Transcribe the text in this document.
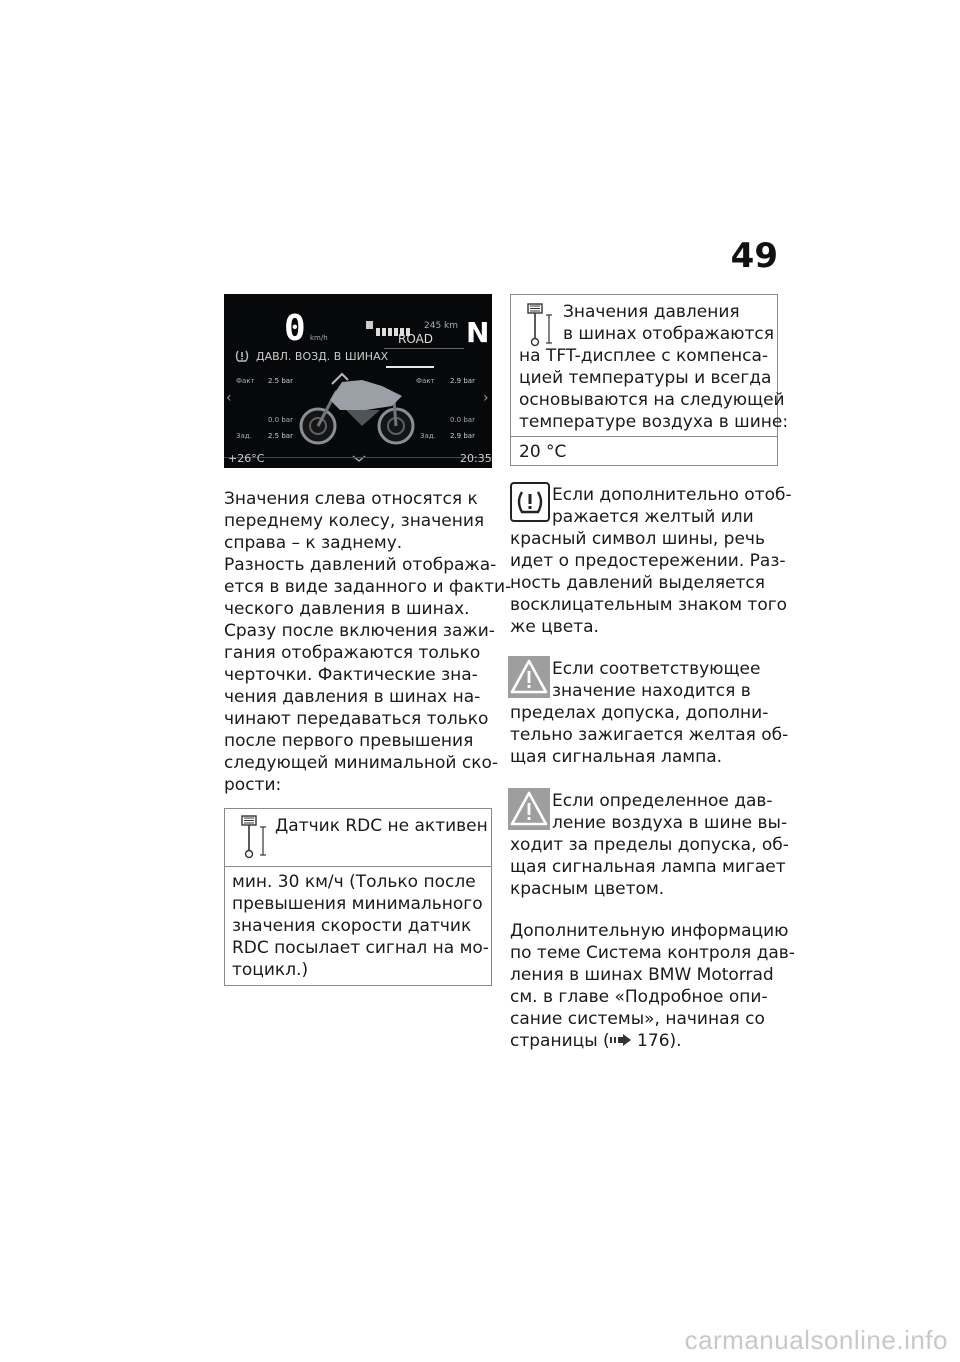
49
0 km/h
245 km
ROAD N
ДАВЛ. ВОЗД. В ШИНАХ
Факт 2.5 bar
0.0 bar
Зад. 2.5 bar
Факт 2.9 bar
0.0 bar
Зад. 2.9 bar
‹	›
+26°C	20:35
Значения слева относятся к
переднему колесу, значения
справа – к заднему.
Разность давлений отобража-
ется в виде заданного и факти-
ческого давления в шинах.
Сразу после включения зажи-
гания отображаются только
черточки. Фактические зна-
чения давления в шинах на-
чинают передаваться только
после первого превышения
следующей минимальной ско-
рости:
Датчик RDC не активен
мин. 30 км/ч (Только после
превышения минимального
значения скорости датчик
RDC посылает сигнал на мо-
тоцикл.)
Значения давления
в шинах отображаются
на TFT-дисплее с компенса-
цией температуры и всегда
основываются на следующей
температуре воздуха в шине:
20 °C
Если дополнительно отоб-
ражается желтый или
красный символ шины, речь
идет о предостережении. Раз-
ность давлений выделяется
восклицательным знаком того
же цвета.
Если соответствующее
значение находится в
пределах допуска, дополни-
тельно зажигается желтая об-
щая сигнальная лампа.
Если определенное дав-
ление воздуха в шине вы-
ходит за пределы допуска, об-
щая сигнальная лампа мигает
красным цветом.
Дополнительную информацию
по теме Система контроля дав-
ления в шинах BMW Motorrad
см. в главе «Подробное опи-
сание системы», начиная со
страницы ( 176).
carmanualsonline.info
